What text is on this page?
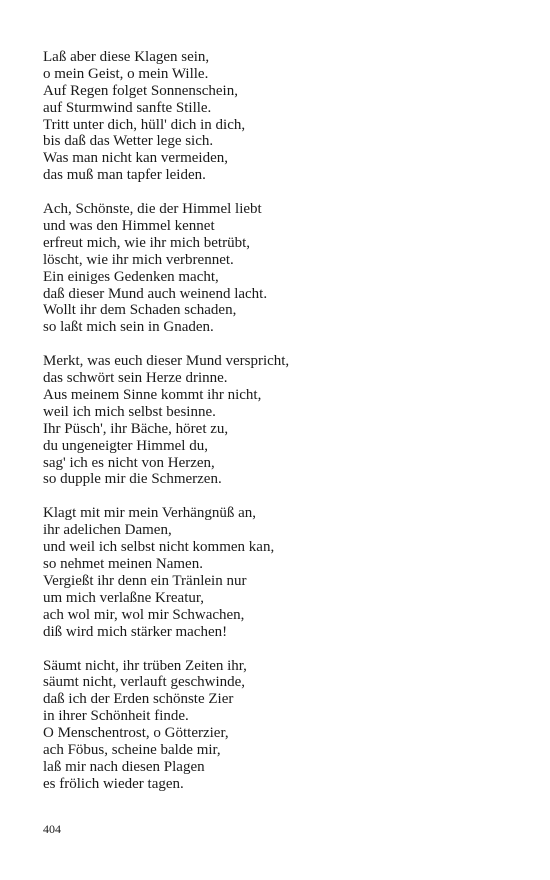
Laß aber diese Klagen sein,
o mein Geist, o mein Wille.
Auf Regen folget Sonnenschein,
auf Sturmwind sanfte Stille.
Tritt unter dich, hüll' dich in dich,
bis daß das Wetter lege sich.
Was man nicht kan vermeiden,
das muß man tapfer leiden.
Ach, Schönste, die der Himmel liebt
und was den Himmel kennet
erfreut mich, wie ihr mich betrübt,
löscht, wie ihr mich verbrennet.
Ein einiges Gedenken macht,
daß dieser Mund auch weinend lacht.
Wollt ihr dem Schaden schaden,
so laßt mich sein in Gnaden.
Merkt, was euch dieser Mund verspricht,
das schwört sein Herze drinne.
Aus meinem Sinne kommt ihr nicht,
weil ich mich selbst besinne.
Ihr Püsch', ihr Bäche, höret zu,
du ungeneigter Himmel du,
sag' ich es nicht von Herzen,
so dupple mir die Schmerzen.
Klagt mit mir mein Verhängnüß an,
ihr adelichen Damen,
und weil ich selbst nicht kommen kan,
so nehmet meinen Namen.
Vergießt ihr denn ein Tränlein nur
um mich verlaßne Kreatur,
ach wol mir, wol mir Schwachen,
diß wird mich stärker machen!
Säumt nicht, ihr trüben Zeiten ihr,
säumt nicht, verlauft geschwinde,
daß ich der Erden schönste Zier
in ihrer Schönheit finde.
O Menschentrost, o Götterzier,
ach Föbus, scheine balde mir,
laß mir nach diesen Plagen
es frölich wieder tagen.
404
